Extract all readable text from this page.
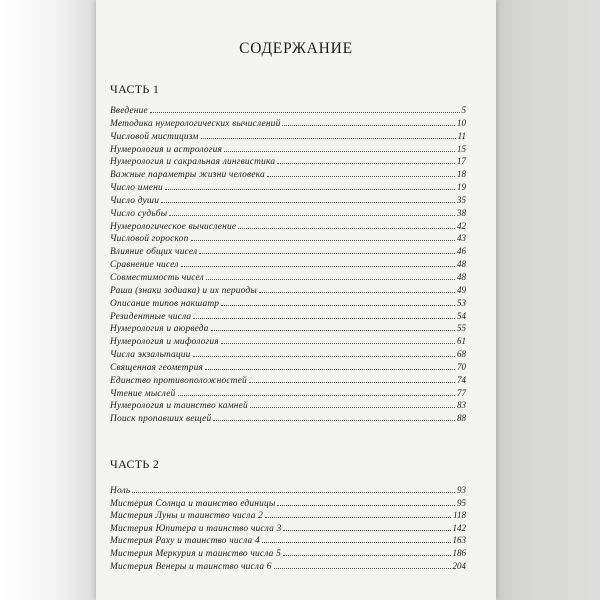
СОДЕРЖАНИЕ
ЧАСТЬ 1
Введение	5
Методика нумерологических вычислений	10
Числовой мистицизм	11
Нумерология и астрология	15
Нумерология и сакральная лингвистика	17
Важные параметры жизни человека	18
Число имени	19
Число души	35
Число судьбы	38
Нумерологическое вычисление	42
Числовой гороскоп	43
Влияние общих чисел	46
Сравнение чисел	48
Совместимость чисел	48
Раши (знаки зодиака) и их периоды	49
Описание типов накшатр	53
Резидентные числа	54
Нумерология и аюрведа	55
Нумерология и мифология	61
Числа экзальтации	68
Священная геометрия	70
Единство противоположностей	74
Чтение мыслей	77
Нумерология и таинство камней	83
Поиск пропавших вещей	88
ЧАСТЬ 2
Ноль	93
Мистерия Солнца и таинство единицы	95
Мистерия Луны и таинство числа 2	118
Мистерия Юпитера и таинство числа 3	142
Мистерия Раху и таинство числа 4	163
Мистерия Меркурия и таинство числа 5	186
Мистерия Венеры и таинство числа 6	204
